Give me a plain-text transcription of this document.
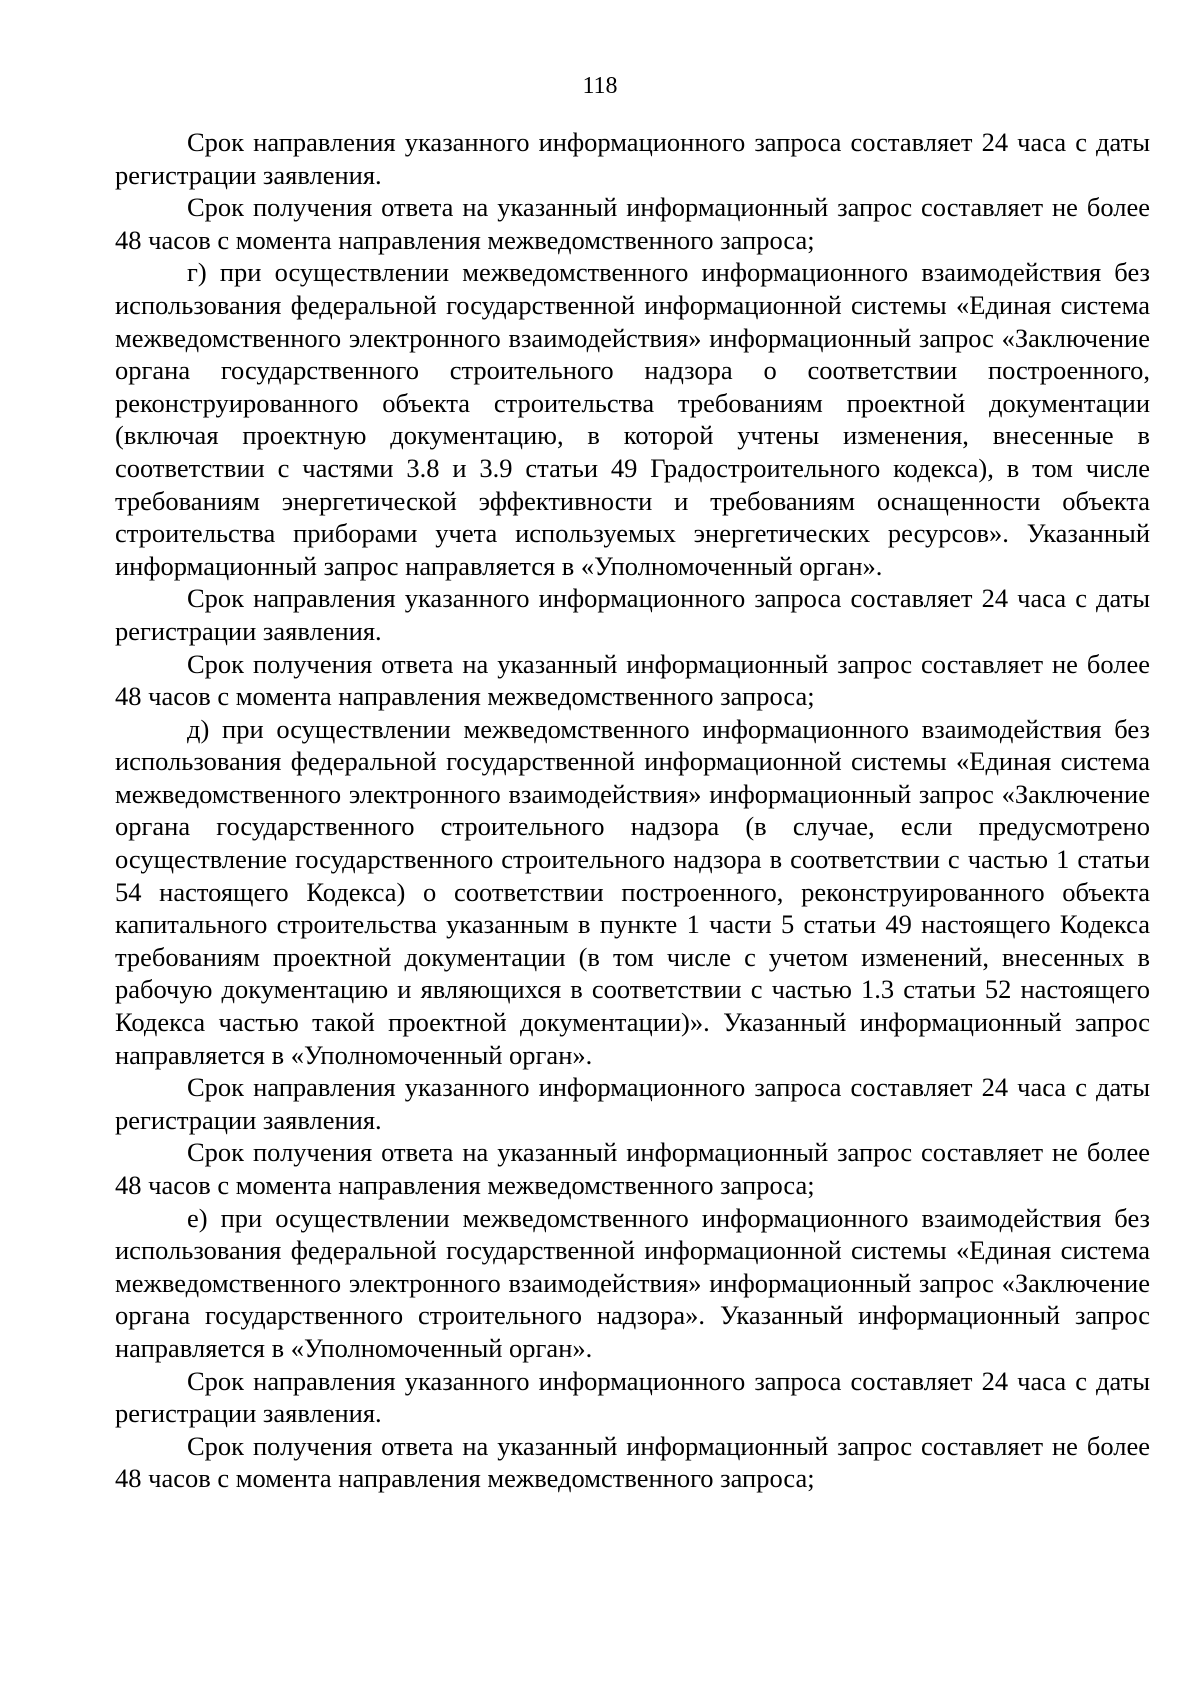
118

Срок направления указанного информационного запроса составляет 24 часа с даты регистрации заявления.

Срок получения ответа на указанный информационный запрос составляет не более 48 часов с момента направления межведомственного запроса;

г) при осуществлении межведомственного информационного взаимодействия без использования федеральной государственной информационной системы «Единая система межведомственного электронного взаимодействия» информационный запрос «Заключение органа государственного строительного надзора о соответствии построенного, реконструированного объекта строительства требованиям проектной документации (включая проектную документацию, в которой учтены изменения, внесенные в соответствии с частями 3.8 и 3.9 статьи 49 Градостроительного кодекса), в том числе требованиям энергетической эффективности и требованиям оснащенности объекта строительства приборами учета используемых энергетических ресурсов». Указанный информационный запрос направляется в «Уполномоченный орган».

Срок направления указанного информационного запроса составляет 24 часа с даты регистрации заявления.

Срок получения ответа на указанный информационный запрос составляет не более 48 часов с момента направления межведомственного запроса;

д) при осуществлении межведомственного информационного взаимодействия без использования федеральной государственной информационной системы «Единая система межведомственного электронного взаимодействия» информационный запрос «Заключение органа государственного строительного надзора (в случае, если предусмотрено осуществление государственного строительного надзора в соответствии с частью 1 статьи 54 настоящего Кодекса) о соответствии построенного, реконструированного объекта капитального строительства указанным в пункте 1 части 5 статьи 49 настоящего Кодекса требованиям проектной документации (в том числе с учетом изменений, внесенных в рабочую документацию и являющихся в соответствии с частью 1.3 статьи 52 настоящего Кодекса частью такой проектной документации)». Указанный информационный запрос направляется в «Уполномоченный орган».

Срок направления указанного информационного запроса составляет 24 часа с даты регистрации заявления.

Срок получения ответа на указанный информационный запрос составляет не более 48 часов с момента направления межведомственного запроса;

е) при осуществлении межведомственного информационного взаимодействия без использования федеральной государственной информационной системы «Единая система межведомственного электронного взаимодействия» информационный запрос «Заключение органа государственного строительного надзора». Указанный информационный запрос направляется в «Уполномоченный орган».

Срок направления указанного информационного запроса составляет 24 часа с даты регистрации заявления.

Срок получения ответа на указанный информационный запрос составляет не более 48 часов с момента направления межведомственного запроса;
